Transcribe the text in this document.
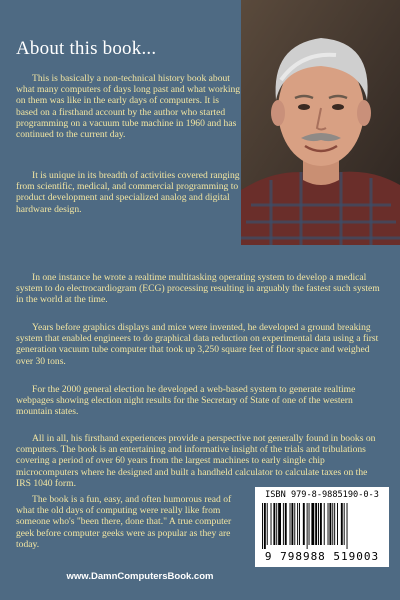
About this book...

This is basically a non-technical history book about what many computers of days long past and what working on them was like in the early days of computers. It is based on a firsthand account by the author who started programming on a vacuum tube machine in 1960 and has continued to the current day.

It is unique in its breadth of activities covered ranging from scientific, medical, and commercial programming to product development and specialized analog and digital hardware design.

In one instance he wrote a realtime multitasking operating system to develop a medical system to do electrocardiogram (ECG) processing resulting in arguably the fastest such system in the world at the time.

Years before graphics displays and mice were invented, he developed a ground breaking system that enabled engineers to do graphical data reduction on experimental data using a first generation vacuum tube computer that took up 3,250 square feet of floor space and weighed over 30 tons.

For the 2000 general election he developed a web-based system to generate realtime webpages showing election night results for the Secretary of State of one of the western mountain states.

All in all, his firsthand experiences provide a perspective not generally found in books on computers. The book is an entertaining and informative insight of the trials and tribulations covering a period of over 60 years from the largest machines to early single chip microcomputers where he designed and built a handheld calculator to calculate taxes on the IRS 1040 form.

The book is a fun, easy, and often humorous read of what the old days of computing were really like from someone who's "been there, done that." A true computer geek before computer geeks were as popular as they are today.

ISBN 979-8-9885190-0-3
9 798988 519003
www.DamnComputersBook.com
